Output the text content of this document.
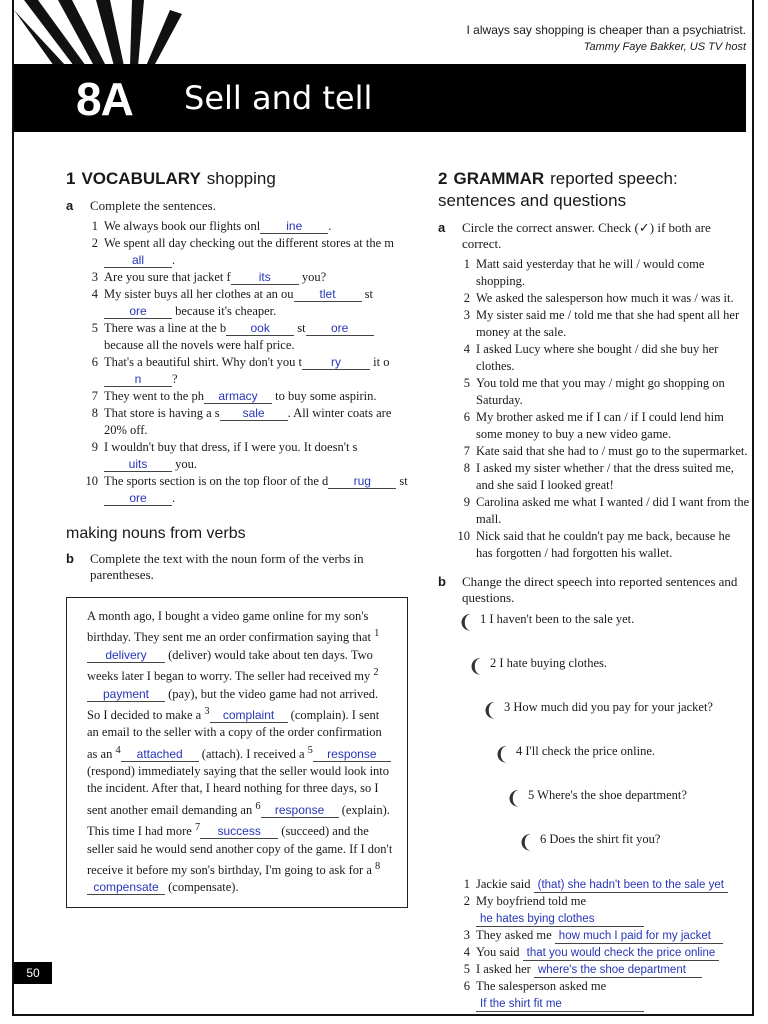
I always say shopping is cheaper than a psychiatrist.
Tammy Faye Bakker, US TV host
8A Sell and tell
1 VOCABULARY shopping
a	Complete the sentences.
1 We always book our flights onl ine .
2 We spent all day checking out the different stores at the mall .
3 Are you sure that jacket f its you?
4 My sister buys all her clothes at an ou tlet store because it's cheaper.
5 There was a line at the b ook st ore because all the novels were half price.
6 That's a beautiful shirt. Why don't you t ry it on ?
7 They went to the ph armacy to buy some aspirin.
8 That store is having a s sale . All winter coats are 20% off.
9 I wouldn't buy that dress, if I were you. It doesn't suits you.
10 The sports section is on the top floor of the d rug store .
making nouns from verbs
b	Complete the text with the noun form of the verbs in parentheses.
A month ago, I bought a video game online for my son's birthday. They sent me an order confirmation saying that $^1$delivery (deliver) would take about ten days. Two weeks later I began to worry. The seller had received my $^2$payment (pay), but the video game had not arrived. So I decided to make a $^3$ complaint (complain). I sent an email to the seller with a copy of the order confirmation as an $^4$ attached (attach). I received a $^5$ response (respond) immediately saying that the seller would look into the incident. After that, I heard nothing for three days, so I sent another email demanding an $^6$ response (explain). This time I had more $^7$ success (succeed) and the seller said he would send another copy of the game. If I don't receive it before my son's birthday, I'm going to ask for a $^8$compensate (compensate).
2 GRAMMAR reported speech: sentences and questions
a	Circle the correct answer. Check (✓) if both are correct.
1 Matt said yesterday that he will / would come shopping.
2 We asked the salesperson how much it was / was it.
3 My sister said me / told me that she had spent all her money at the sale.
4 I asked Lucy where she bought / did she buy her clothes.
5 You told me that you may / might go shopping on Saturday.
6 My brother asked me if I can / if I could lend him some money to buy a new video game.
7 Kate said that she had to / must go to the supermarket.
8 I asked my sister whether / that the dress suited me, and she said I looked great!
9 Carolina asked me what I wanted / did I want from the mall.
10 Nick said that he couldn't pay me back, because he has forgotten / had forgotten his wallet.
b	Change the direct speech into reported sentences and questions.
❨ 1 I haven't been to the sale yet.
❨ 2 I hate buying clothes.
❨ 3 How much did you pay for your jacket?
❨ 4 I'll check the price online.
❨ 5 Where's the shoe department?
❨ 6 Does the shirt fit you?
1 Jackie said (that) she hadn't been to the sale yet
2 My boyfriend told me he hates bying clothes
3 They asked me how much I paid for my jacket
4 You said that you would check the price online
5 I asked her where's the shoe department
6 The salesperson asked me If the shirt fit me
50
